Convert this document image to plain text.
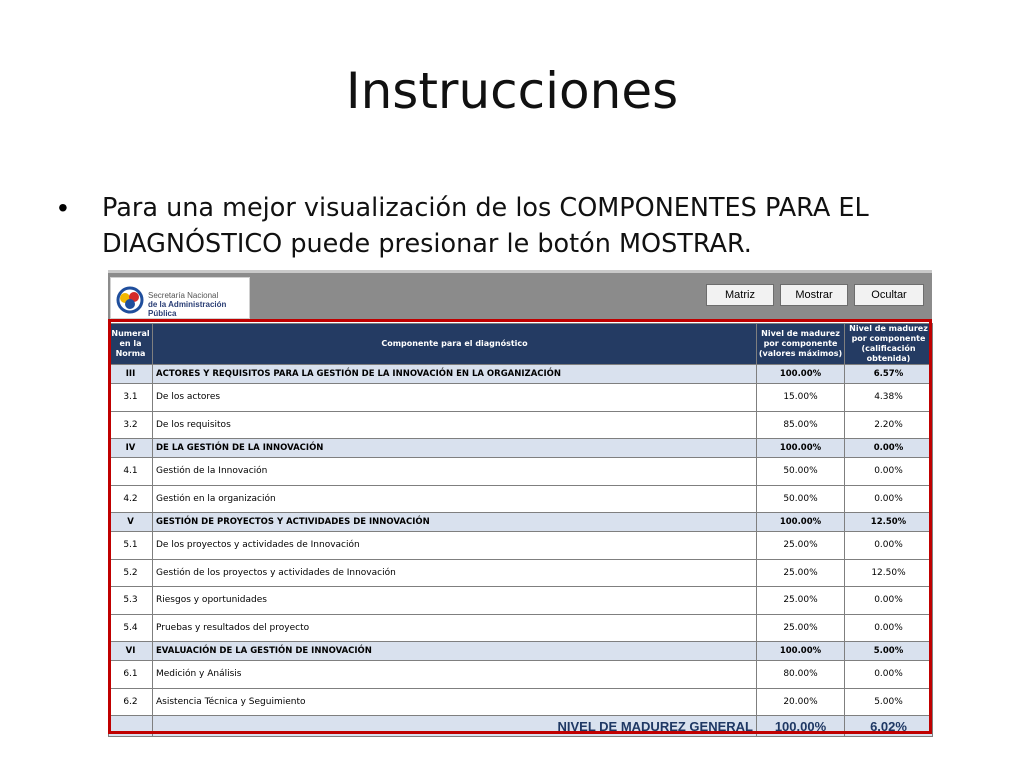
Instrucciones
• Para una mejor visualización de los COMPONENTES PARA EL DIAGNÓSTICO puede presionar le botón MOSTRAR.
Secretaría Nacional
de la Administración Pública
Matriz	Mostrar	Ocultar
Numeral en la Norma	Componente para el diagnóstico	Nivel de madurez por componente (valores máximos)	Nivel de madurez por componente (calificación obtenida)
III	ACTORES Y REQUISITOS PARA LA GESTIÓN DE LA INNOVACIÓN EN LA ORGANIZACIÓN	100.00%	6.57%
3.1	De los actores	15.00%	4.38%
3.2	De los requisitos	85.00%	2.20%
IV	DE LA GESTIÓN DE LA INNOVACIÓN	100.00%	0.00%
4.1	Gestión de la Innovación	50.00%	0.00%
4.2	Gestión en la organización	50.00%	0.00%
V	GESTIÓN DE PROYECTOS Y ACTIVIDADES DE INNOVACIÓN	100.00%	12.50%
5.1	De los proyectos y actividades de Innovación	25.00%	0.00%
5.2	Gestión de los proyectos y actividades de Innovación	25.00%	12.50%
5.3	Riesgos y oportunidades	25.00%	0.00%
5.4	Pruebas y resultados del proyecto	25.00%	0.00%
VI	EVALUACIÓN DE LA GESTIÓN DE INNOVACIÓN	100.00%	5.00%
6.1	Medición y Análisis	80.00%	0.00%
6.2	Asistencia Técnica y Seguimiento	20.00%	5.00%
	NIVEL DE MADUREZ GENERAL	100.00%	6.02%
